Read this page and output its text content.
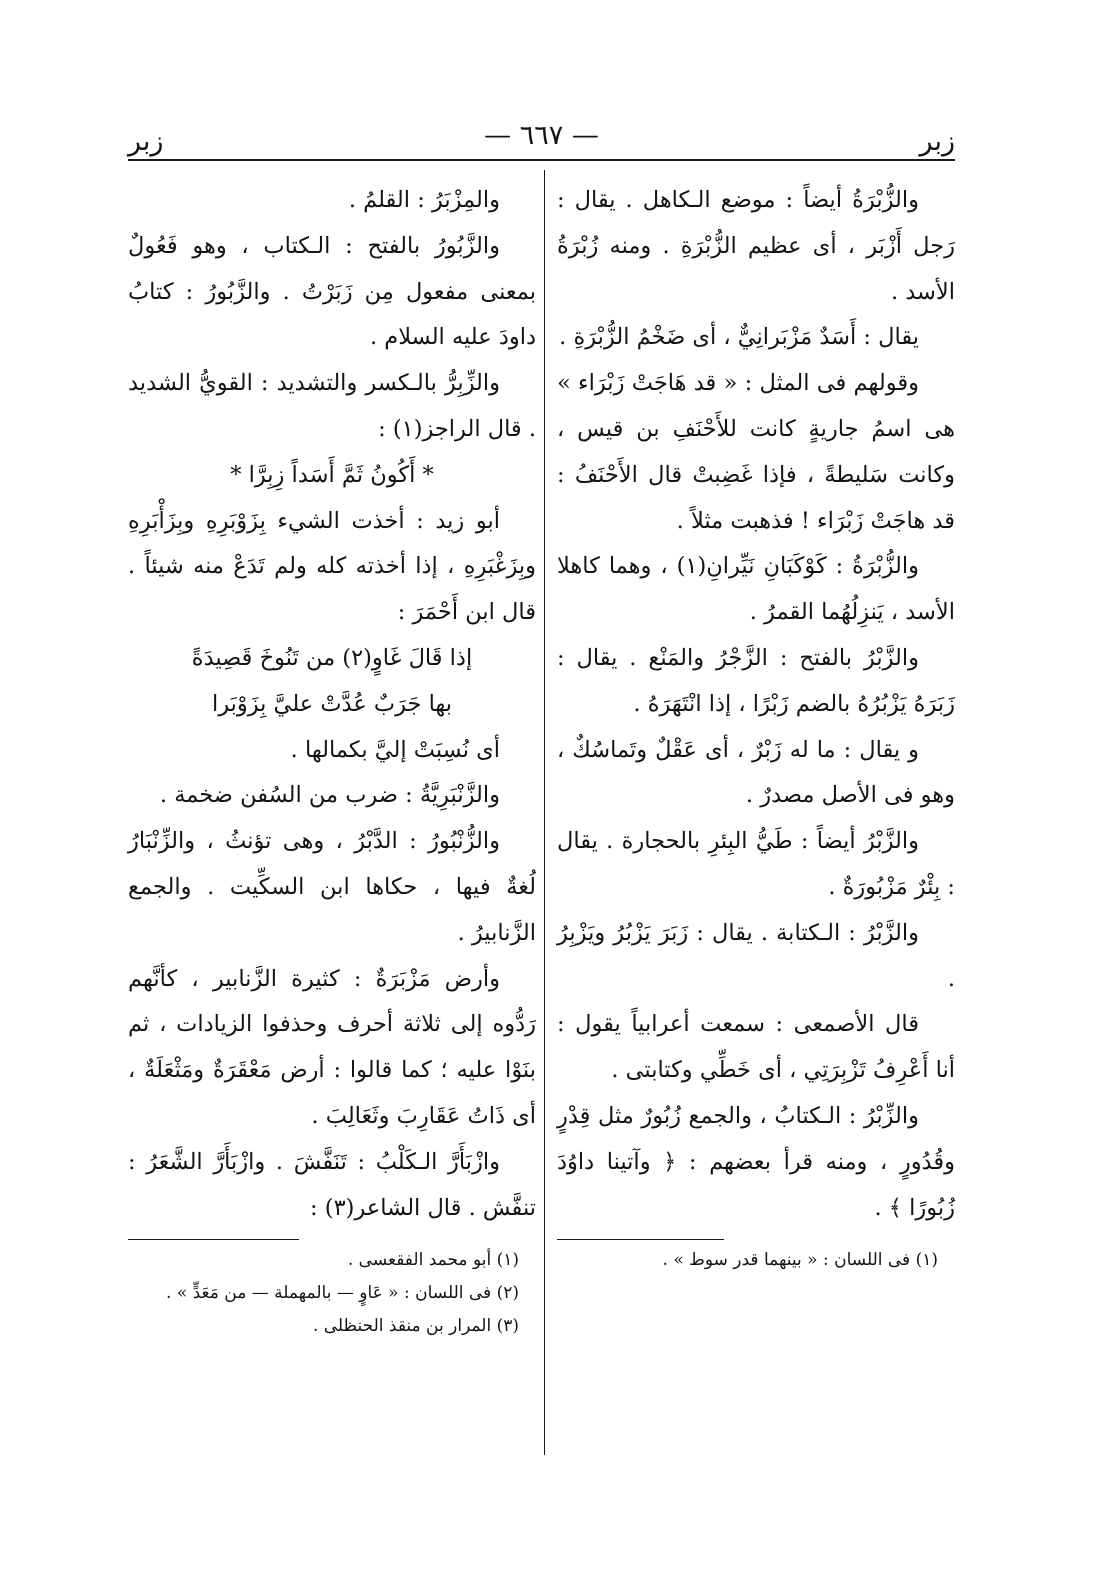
زبر
— ٦٦٧ —
زبر

والزُّبْرَةُ أيضاً : موضع الـكاهل . يقال : رَجل أَزْبَر ، أى عظيم الزُّبْرَةِ . ومنه زُبْرَةُ الأسد .

يقال : أَسَدٌ مَزْبَرانِيٌّ ، أى ضَخْمُ الزُّبْرَةِ .

وقولهم فى المثل : « قد هَاجَتْ زَبْرَاء » هى اسمُ جاريةٍ كانت للأَحْنَفِ بن قيس ، وكانت سَليطةً ، فإذا غَضِبتْ قال الأَحْنَفُ : قد هاجَتْ زَبْرَاء ! فذهبت مثلاً .

والزُّبْرَةُ : كَوْكَبَانِ نَيِّرانِ(١) ، وهما كاهلا الأسد ، يَنزِلُهُما القمرُ .

والزَّبْرُ بالفتح : الزَّجْرُ والمَنْع . يقال : زَبَرَهُ يَزْبُرُهُ بالضم زَبْرًا ، إذا انْتَهَرَهُ .

و يقال : ما له زَبْرٌ ، أى عَقْلٌ وتَماسُكٌ ، وهو فى الأصل مصدرٌ .

والزَّبْرُ أيضاً : طَيُّ البِئرِ بالحجارة . يقال : بِئْرٌ مَزْبُورَةٌ .

والزَّبْرُ : الـكتابة . يقال : زَبَرَ يَزْبُرُ ويَزْبِرُ .

قال الأصمعى : سمعت أعرابياً يقول : أنا أَعْرِفُ تَزْبِرَتِي ، أى خَطِّي وكتابتى .

والزِّبْرُ : الـكتابُ ، والجمع زُبُورٌ مثل قِدْرٍ وقُدُورٍ ، ومنه قرأ بعضهم : ﴿ وآتينا داوُدَ زُبُورًا ﴾ .

(١) فى اللسان : « بينهما قدر سوط » .

والمِزْبَرُ : القلمُ .

والزَّبُورُ بالفتح : الـكتاب ، وهو فَعُولٌ بمعنى مفعول مِن زَبَرْتُ . والزَّبُورُ : كتابُ داودَ عليه السلام .

والزِّبِرُّ بالـكسر والتشديد : القويُّ الشديد . قال الراجز(١) :

* أَكُونُ ثَمَّ أَسَداً زِبِرَّا *

أبو زيد : أخذت الشيء بِزَوْبَرِهِ وبِزَأْبَرِهِ وبِزَغْبَرِهِ ، إذا أخذته كله ولم تَدَعْ منه شيئاً . قال ابن أَحْمَرَ :

إذا قَالَ غَاوٍ(٢) من تَنُوخَ قَصِيدَةً

بها جَرَبٌ عُدَّتْ عليَّ بِزَوْبَرا

أى نُسِبَتْ إليَّ بكمالها .

والزَّنْبَرِيَّةُ : ضرب من السُفن ضخمة .

والزُّنْبُورُ : الدَّبْرُ ، وهى تؤنثُ ، والزِّنْبَارُ لُغةٌ فيها ، حكاها ابن السكِّيت . والجمع الزَّنابيرُ .

وأرض مَزْبَرَةٌ : كثيرة الزَّنابير ، كأنَّهم رَدُّوه إلى ثلاثة أحرف وحذفوا الزيادات ، ثم بنَوْا عليه ؛ كما قالوا : أرض مَعْقَرَةٌ ومَثْعَلَةٌ ، أى ذَاتُ عَقَارِبَ وثَعَالِبَ .

وازْبَأَرَّ الـكَلْبُ : تَنَفَّشَ . وازْبَأَرَّ الشَّعَرُ : تنفَّش . قال الشاعر(٣) :

(١) أبو محمد الفقعسى .

(٢) فى اللسان : « عَاوٍ — بالمهملة — من مَعَدٍّ » .

(٣) المرار بن منقذ الحنظلى .
